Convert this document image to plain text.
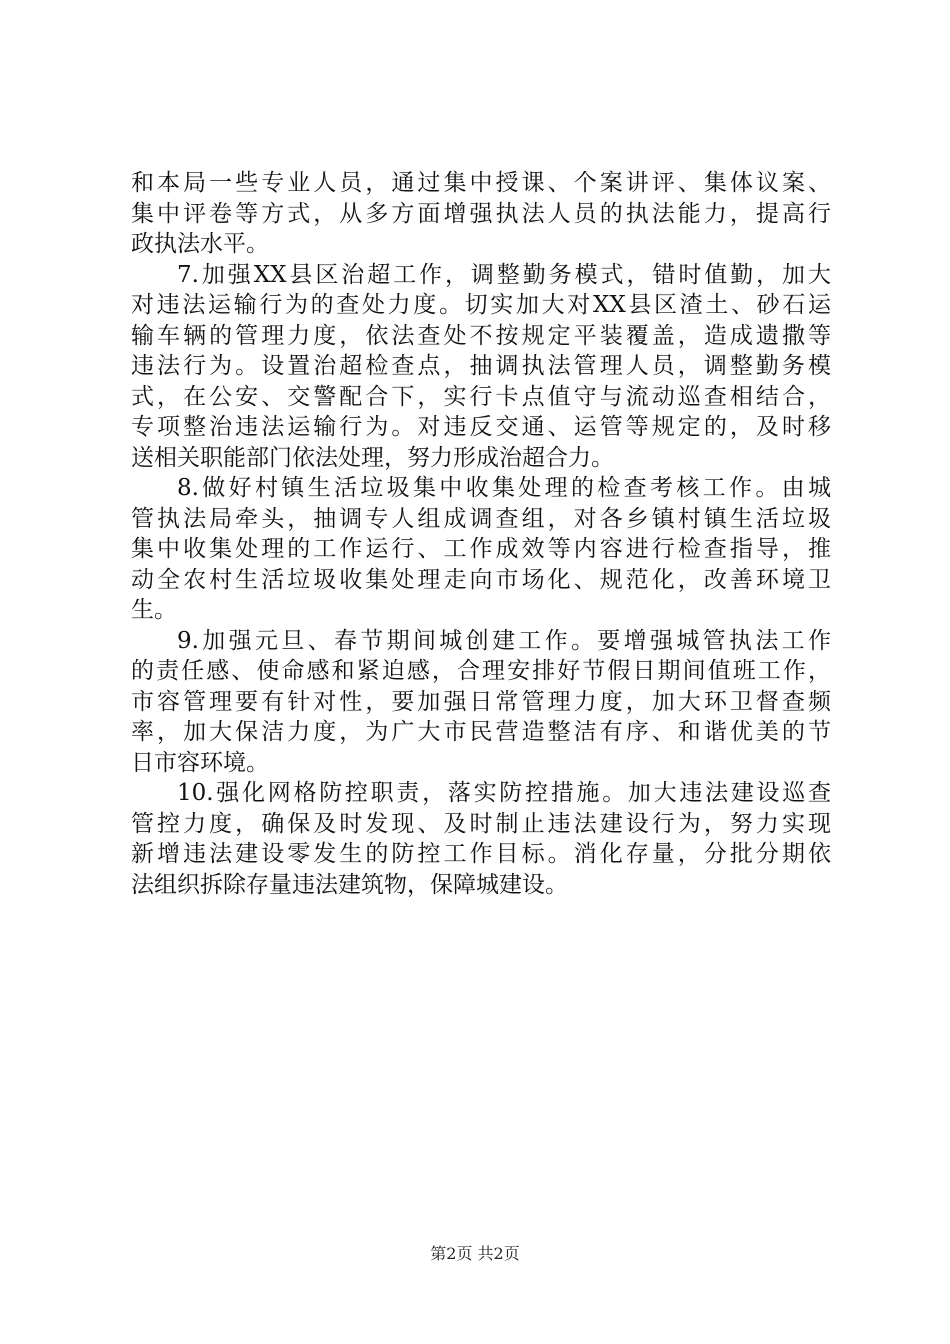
和本局一些专业人员，通过集中授课、个案讲评、集体议案、
集中评卷等方式，从多方面增强执法人员的执法能力，提高行
政执法水平。
7.加强XX县区治超工作，调整勤务模式，错时值勤，加大
对违法运输行为的查处力度。切实加大对XX县区渣土、砂石运
输车辆的管理力度，依法查处不按规定平装覆盖，造成遗撒等
违法行为。设置治超检查点，抽调执法管理人员，调整勤务模
式，在公安、交警配合下，实行卡点值守与流动巡查相结合，
专项整治违法运输行为。对违反交通、运管等规定的，及时移
送相关职能部门依法处理，努力形成治超合力。
8.做好村镇生活垃圾集中收集处理的检查考核工作。由城
管执法局牵头，抽调专人组成调查组，对各乡镇村镇生活垃圾
集中收集处理的工作运行、工作成效等内容进行检查指导，推
动全农村生活垃圾收集处理走向市场化、规范化，改善环境卫
生。
9.加强元旦、春节期间城创建工作。要增强城管执法工作
的责任感、使命感和紧迫感，合理安排好节假日期间值班工作，
市容管理要有针对性，要加强日常管理力度，加大环卫督查频
率，加大保洁力度，为广大市民营造整洁有序、和谐优美的节
日市容环境。
10.强化网格防控职责，落实防控措施。加大违法建设巡查
管控力度，确保及时发现、及时制止违法建设行为，努力实现
新增违法建设零发生的防控工作目标。消化存量，分批分期依
法组织拆除存量违法建筑物，保障城建设。
第2页 共2页
